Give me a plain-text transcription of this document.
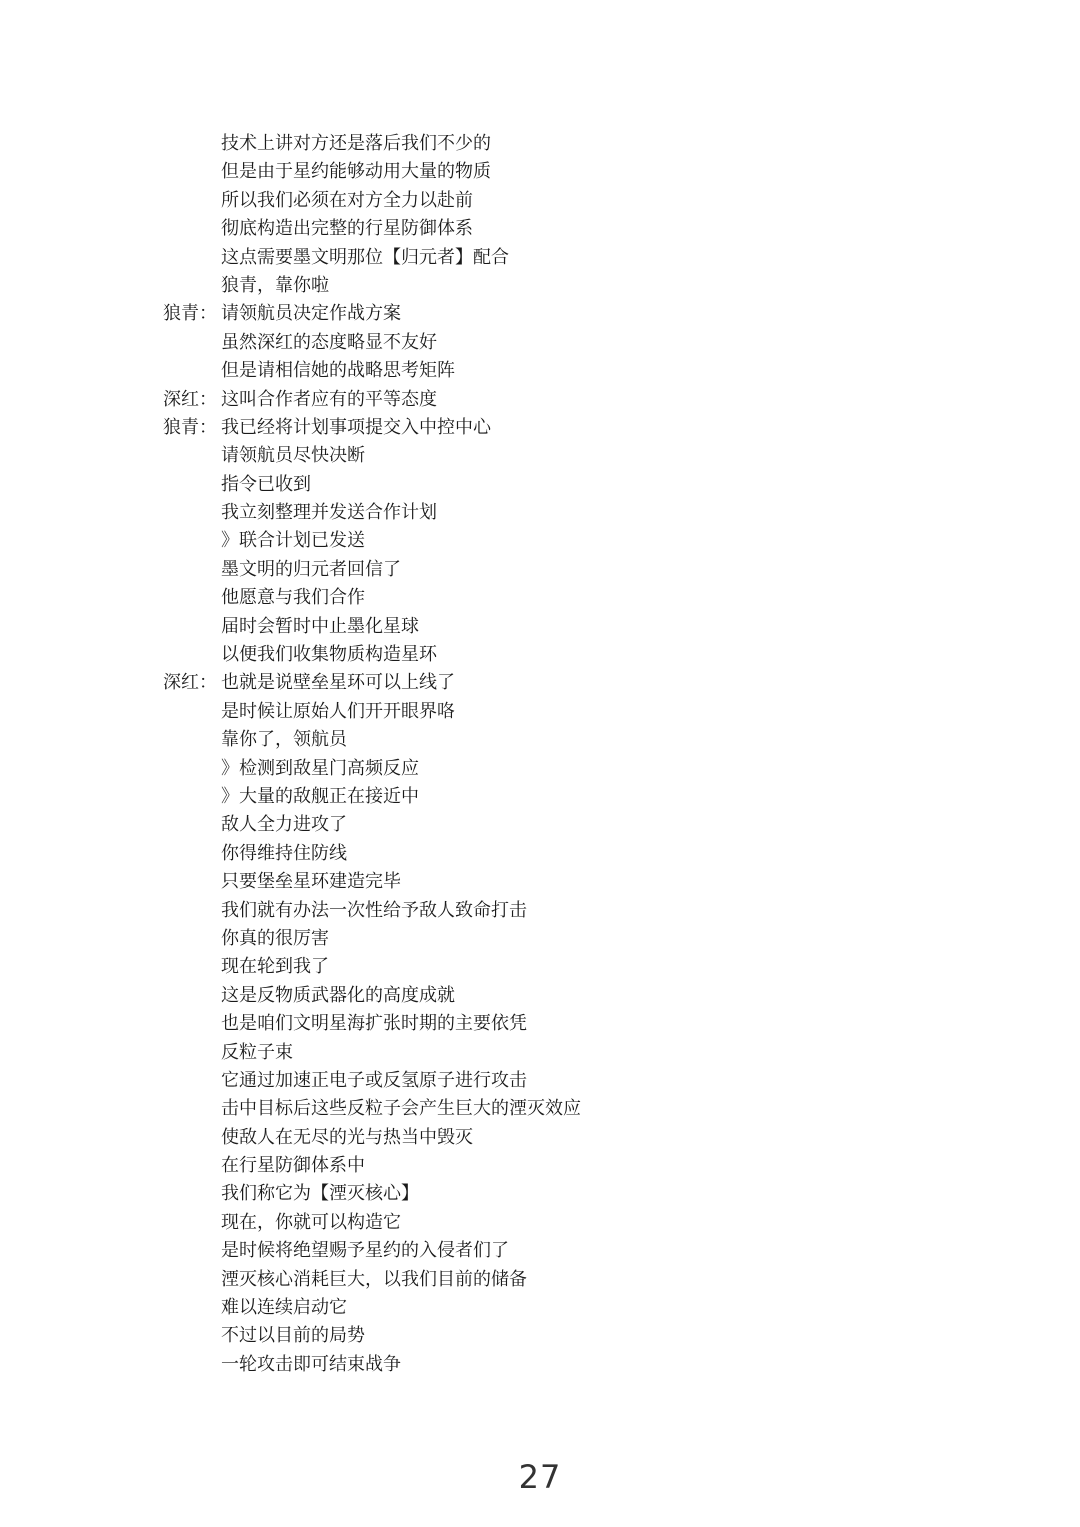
技术上讲对方还是落后我们不少的
但是由于星约能够动用大量的物质
所以我们必须在对方全力以赴前
彻底构造出完整的行星防御体系
这点需要墨文明那位【归元者】配合
狼青，靠你啦
狼青： 请领航员决定作战方案
虽然深红的态度略显不友好
但是请相信她的战略思考矩阵
深红： 这叫合作者应有的平等态度
狼青： 我已经将计划事项提交入中控中心
请领航员尽快决断
指令已收到
我立刻整理并发送合作计划
》联合计划已发送
墨文明的归元者回信了
他愿意与我们合作
届时会暂时中止墨化星球
以便我们收集物质构造星环
深红： 也就是说壁垒星环可以上线了
是时候让原始人们开开眼界咯
靠你了，领航员
》检测到敌星门高频反应
》大量的敌舰正在接近中
敌人全力进攻了
你得维持住防线
只要堡垒星环建造完毕
我们就有办法一次性给予敌人致命打击
你真的很厉害
现在轮到我了
这是反物质武器化的高度成就
也是咱们文明星海扩张时期的主要依凭
反粒子束
它通过加速正电子或反氢原子进行攻击
击中目标后这些反粒子会产生巨大的湮灭效应
使敌人在无尽的光与热当中毁灭
在行星防御体系中
我们称它为【湮灭核心】
现在，你就可以构造它
是时候将绝望赐予星约的入侵者们了
湮灭核心消耗巨大，以我们目前的储备
难以连续启动它
不过以目前的局势
一轮攻击即可结束战争
27
